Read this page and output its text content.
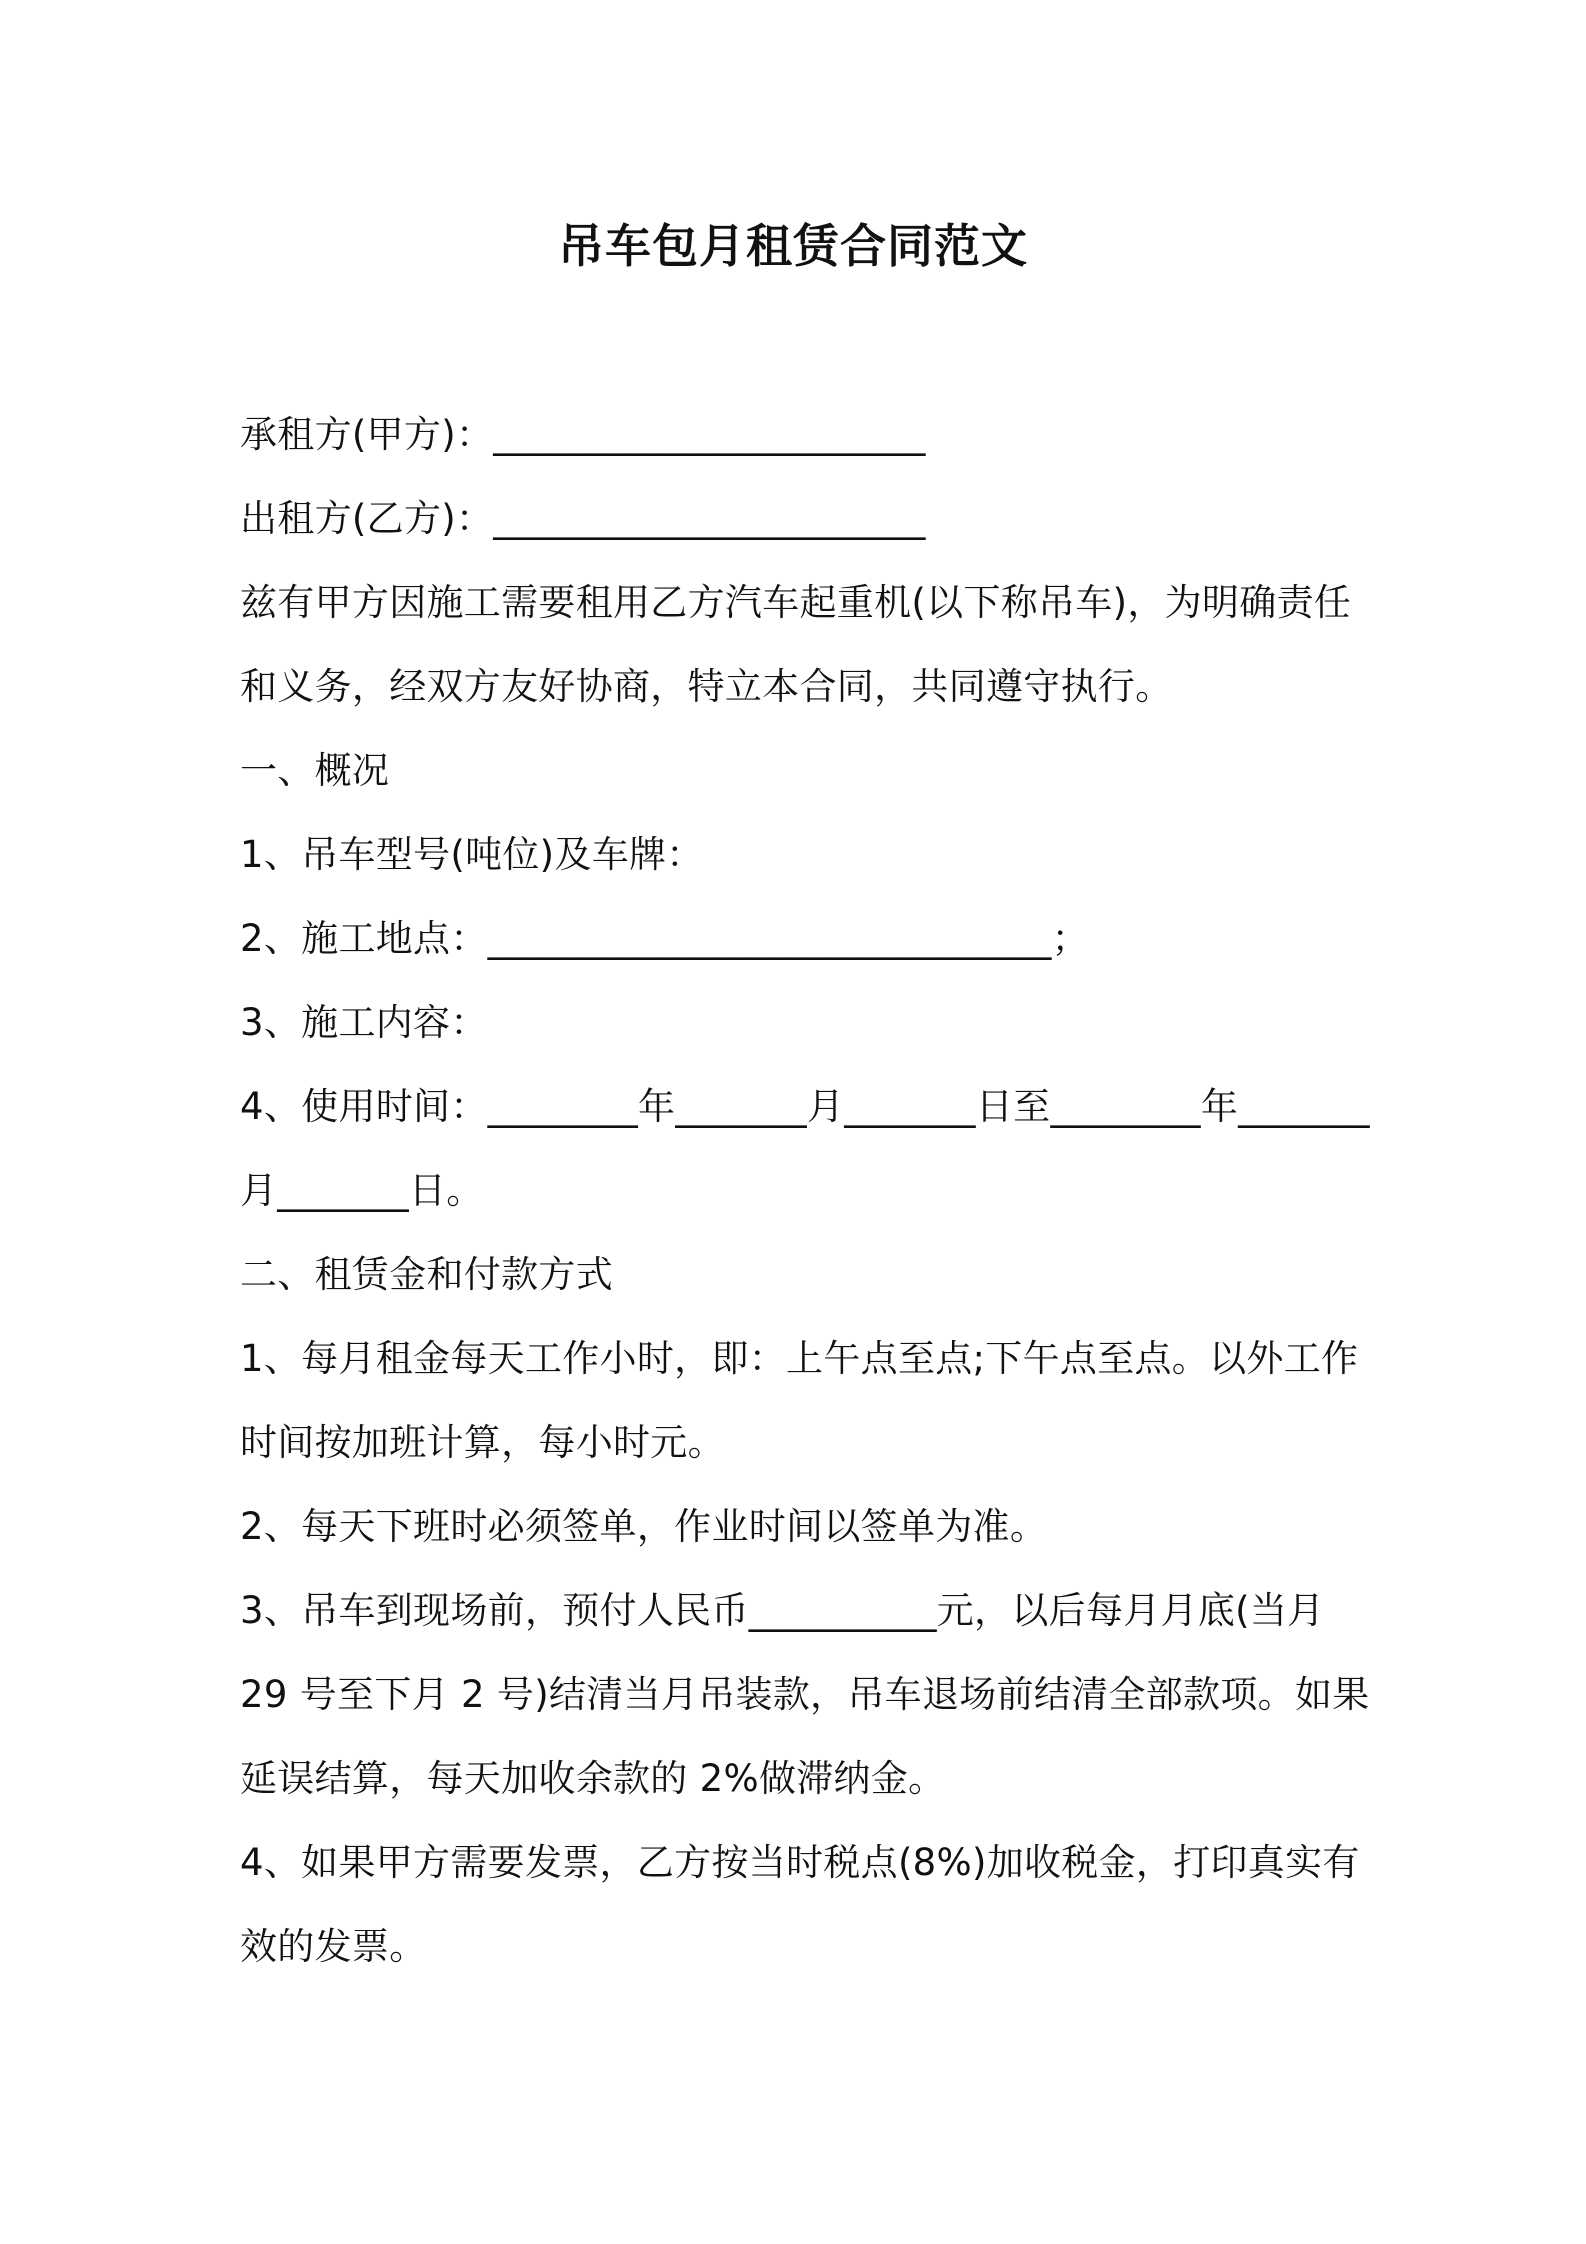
吊车包月租赁合同范文
承租方(甲方)：_______________________
出租方(乙方)：_______________________
兹有甲方因施工需要租用乙方汽车起重机(以下称吊车)，为明确责任
和义务，经双方友好协商，特立本合同，共同遵守执行。
一、概况
1、吊车型号(吨位)及车牌：
2、施工地点：______________________________；
3、施工内容：
4、使用时间：________年_______月_______日至________年_______
月_______日。
二、租赁金和付款方式
1、每月租金每天工作小时，即：上午点至点;下午点至点。以外工作
时间按加班计算，每小时元。
2、每天下班时必须签单，作业时间以签单为准。
3、吊车到现场前，预付人民币__________元，以后每月月底(当月
29 号至下月 2 号)结清当月吊装款，吊车退场前结清全部款项。如果
延误结算，每天加收余款的 2%做滞纳金。
4、如果甲方需要发票，乙方按当时税点(8%)加收税金，打印真实有
效的发票。
